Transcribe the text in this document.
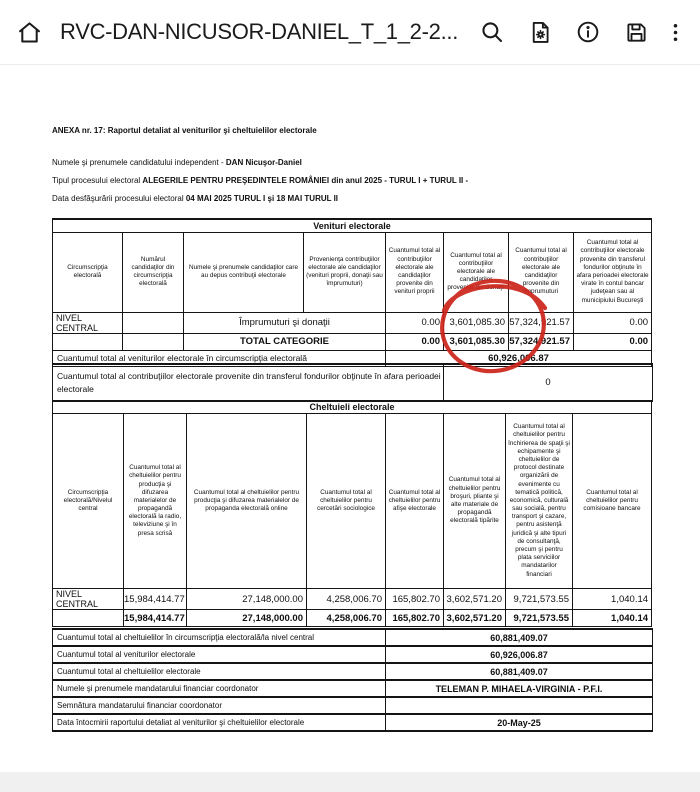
RVC-DAN-NICUSOR-DANIEL_T_1_2-2...
ANEXA nr. 17: Raportul detaliat al veniturilor şi cheltuielilor electorale
Numele şi prenumele candidatului independent - DAN Nicuşor-Daniel
Tipul procesului electoral ALEGERILE PENTRU PREŞEDINTELE ROMÂNIEI din anul 2025 - TURUL I + TURUL II -
Data desfăşurării procesului electoral 04 MAI 2025 TURUL I şi 18 MAI TURUL II
Venituri electorale							
Circumscripţia electorală	Numărul candidaţilor din circumscripţia electorală	Numele şi prenumele candidaţilor care au depus contribuţii electorale	Provenienţa contribuţiilor electorale ale candidaţilor (venituri proprii, donaţii sau împrumuturi)	Cuantumul total al contribuţiilor electorale ale candidaţilor provenite din venituri proprii	Cuantumul total al contribuţiilor electorale ale candidaţilor provenite din donaţii	Cuantumul total al contribuţiilor electorale ale candidaţilor provenite din împrumuturi	Cuantumul total al contribuţiilor electorale provenite din transferul fondurilor obţinute în afara perioadei electorale virate în contul bancar judeţean sau al municipiului Bucureşti
NIVEL CENTRAL		Împrumuturi şi donaţii		0.00	3,601,085.30	57,324,921.57	0.00
		TOTAL CATEGORIE		0.00	3,601,085.30	57,324,921.57	0.00
Cuantumul total al veniturilor electorale în circumscripţia electorală				60,926,006.87			
Cuantumul total al contribuţiilor electorale provenite din transferul fondurilor obţinute în afara perioadei electorale	0
Cheltuieli electorale							
Circumscripţia electorală/Nivelul central	Cuantumul total al cheltuielilor pentru producţia şi difuzarea materialelor de propagandă electorală la radio, televiziune şi în presa scrisă	Cuantumul total al cheltuielilor pentru producţia şi difuzarea materialelor de propaganda electorală online	Cuantumul total al cheltuielilor pentru cercetări sociologice	Cuantumul total al cheltuielilor pentru afişe electorale	Cuantumul total al cheltuielilor pentru broşuri, pliante şi alte materiale de propagandă electorală tipărite	Cuantumul total al cheltuielilor pentru închirierea de spaţii şi echipamente şi cheltuielilor de protocol destinate organizării de evenimente cu tematică politică, economică, culturală sau socială, pentru transport şi cazare, pentru asistenţă juridică şi alte tipuri de consultanţă, precum şi pentru plata serviciilor mandatarilor financiari	Cuantumul total al cheltuielilor pentru comisioane bancare
NIVEL CENTRAL	15,984,414.77	27,148,000.00	4,258,006.70	165,802.70	3,602,571.20	9,721,573.55	1,040.14
	15,984,414.77	27,148,000.00	4,258,006.70	165,802.70	3,602,571.20	9,721,573.55	1,040.14
Cuantumul total al cheltuielilor în circumscripţia electorală/la nivel central	60,881,409.07
Cuantumul total al veniturilor electorale	60,926,006.87
Cuantumul total al cheltuielilor electorale	60,881,409.07
Numele şi prenumele mandatarului financiar coordonator	TELEMAN P. MIHAELA-VIRGINIA - P.F.I.
Semnătura mandatarului financiar coordonator	
Data întocmirii raportului detaliat al veniturilor şi cheltuielilor electorale	20-May-25
